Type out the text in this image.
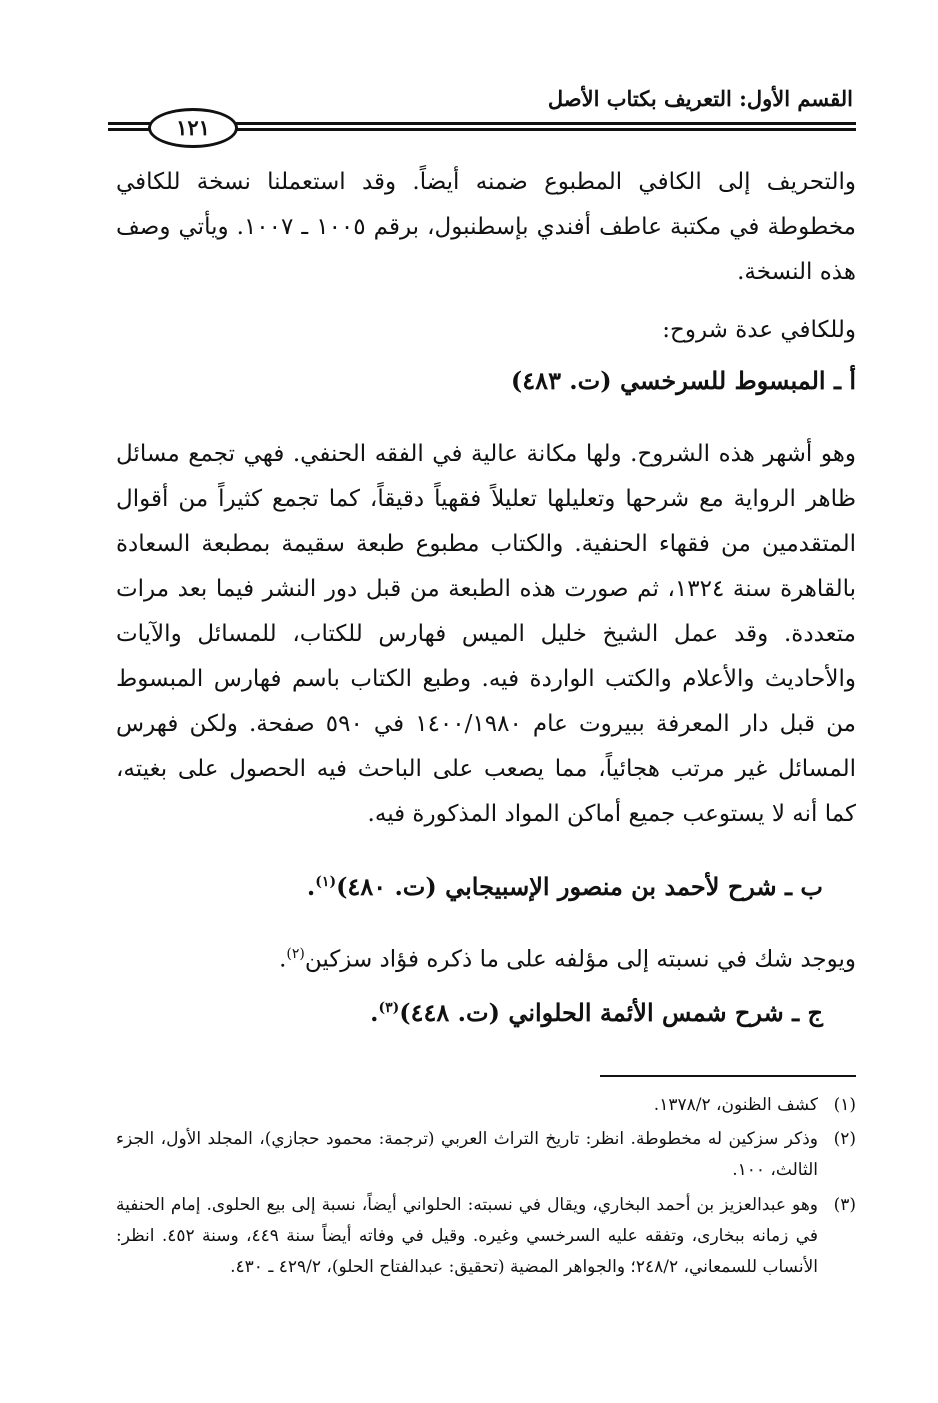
القسم الأول: التعريف بكتاب الأصل
١٢١
والتحريف إلى الكافي المطبوع ضمنه أيضاً. وقد استعملنا نسخة للكافي مخطوطة في مكتبة عاطف أفندي بإسطنبول، برقم ١٠٠٥ ـ ١٠٠٧. ويأتي وصف هذه النسخة.
وللكافي عدة شروح:
أ ـ المبسوط للسرخسي (ت. ٤٨٣)
وهو أشهر هذه الشروح. ولها مكانة عالية في الفقه الحنفي. فهي تجمع مسائل ظاهر الرواية مع شرحها وتعليلها تعليلاً فقهياً دقيقاً، كما تجمع كثيراً من أقوال المتقدمين من فقهاء الحنفية. والكتاب مطبوع طبعة سقيمة بمطبعة السعادة بالقاهرة سنة ١٣٢٤، ثم صورت هذه الطبعة من قبل دور النشر فيما بعد مرات متعددة. وقد عمل الشيخ خليل الميس فهارس للكتاب، للمسائل والآيات والأحاديث والأعلام والكتب الواردة فيه. وطبع الكتاب باسم فهارس المبسوط من قبل دار المعرفة ببيروت عام ١٤٠٠/١٩٨٠ في ٥٩٠ صفحة. ولكن فهرس المسائل غير مرتب هجائياً، مما يصعب على الباحث فيه الحصول على بغيته، كما أنه لا يستوعب جميع أماكن المواد المذكورة فيه.
ب ـ شرح لأحمد بن منصور الإسبيجابي (ت. ٤٨٠)$^{(١)}$.
ويوجد شك في نسبته إلى مؤلفه على ما ذكره فؤاد سزكين$^{(٢)}$.
ج ـ شرح شمس الأئمة الحلواني (ت. ٤٤٨)$^{(٣)}$.
(١)
كشف الظنون، ١٣٧٨/٢.
(٢)
وذكر سزكين له مخطوطة. انظر: تاريخ التراث العربي (ترجمة: محمود حجازي)، المجلد الأول، الجزء الثالث، ١٠٠.
(٣)
وهو عبدالعزيز بن أحمد البخاري، ويقال في نسبته: الحلواني أيضاً، نسبة إلى بيع الحلوى. إمام الحنفية في زمانه ببخارى، وتفقه عليه السرخسي وغيره. وقيل في وفاته أيضاً سنة ٤٤٩، وسنة ٤٥٢. انظر: الأنساب للسمعاني، ٢٤٨/٢؛ والجواهر المضية (تحقيق: عبدالفتاح الحلو)، ٤٢٩/٢ ـ ٤٣٠.
